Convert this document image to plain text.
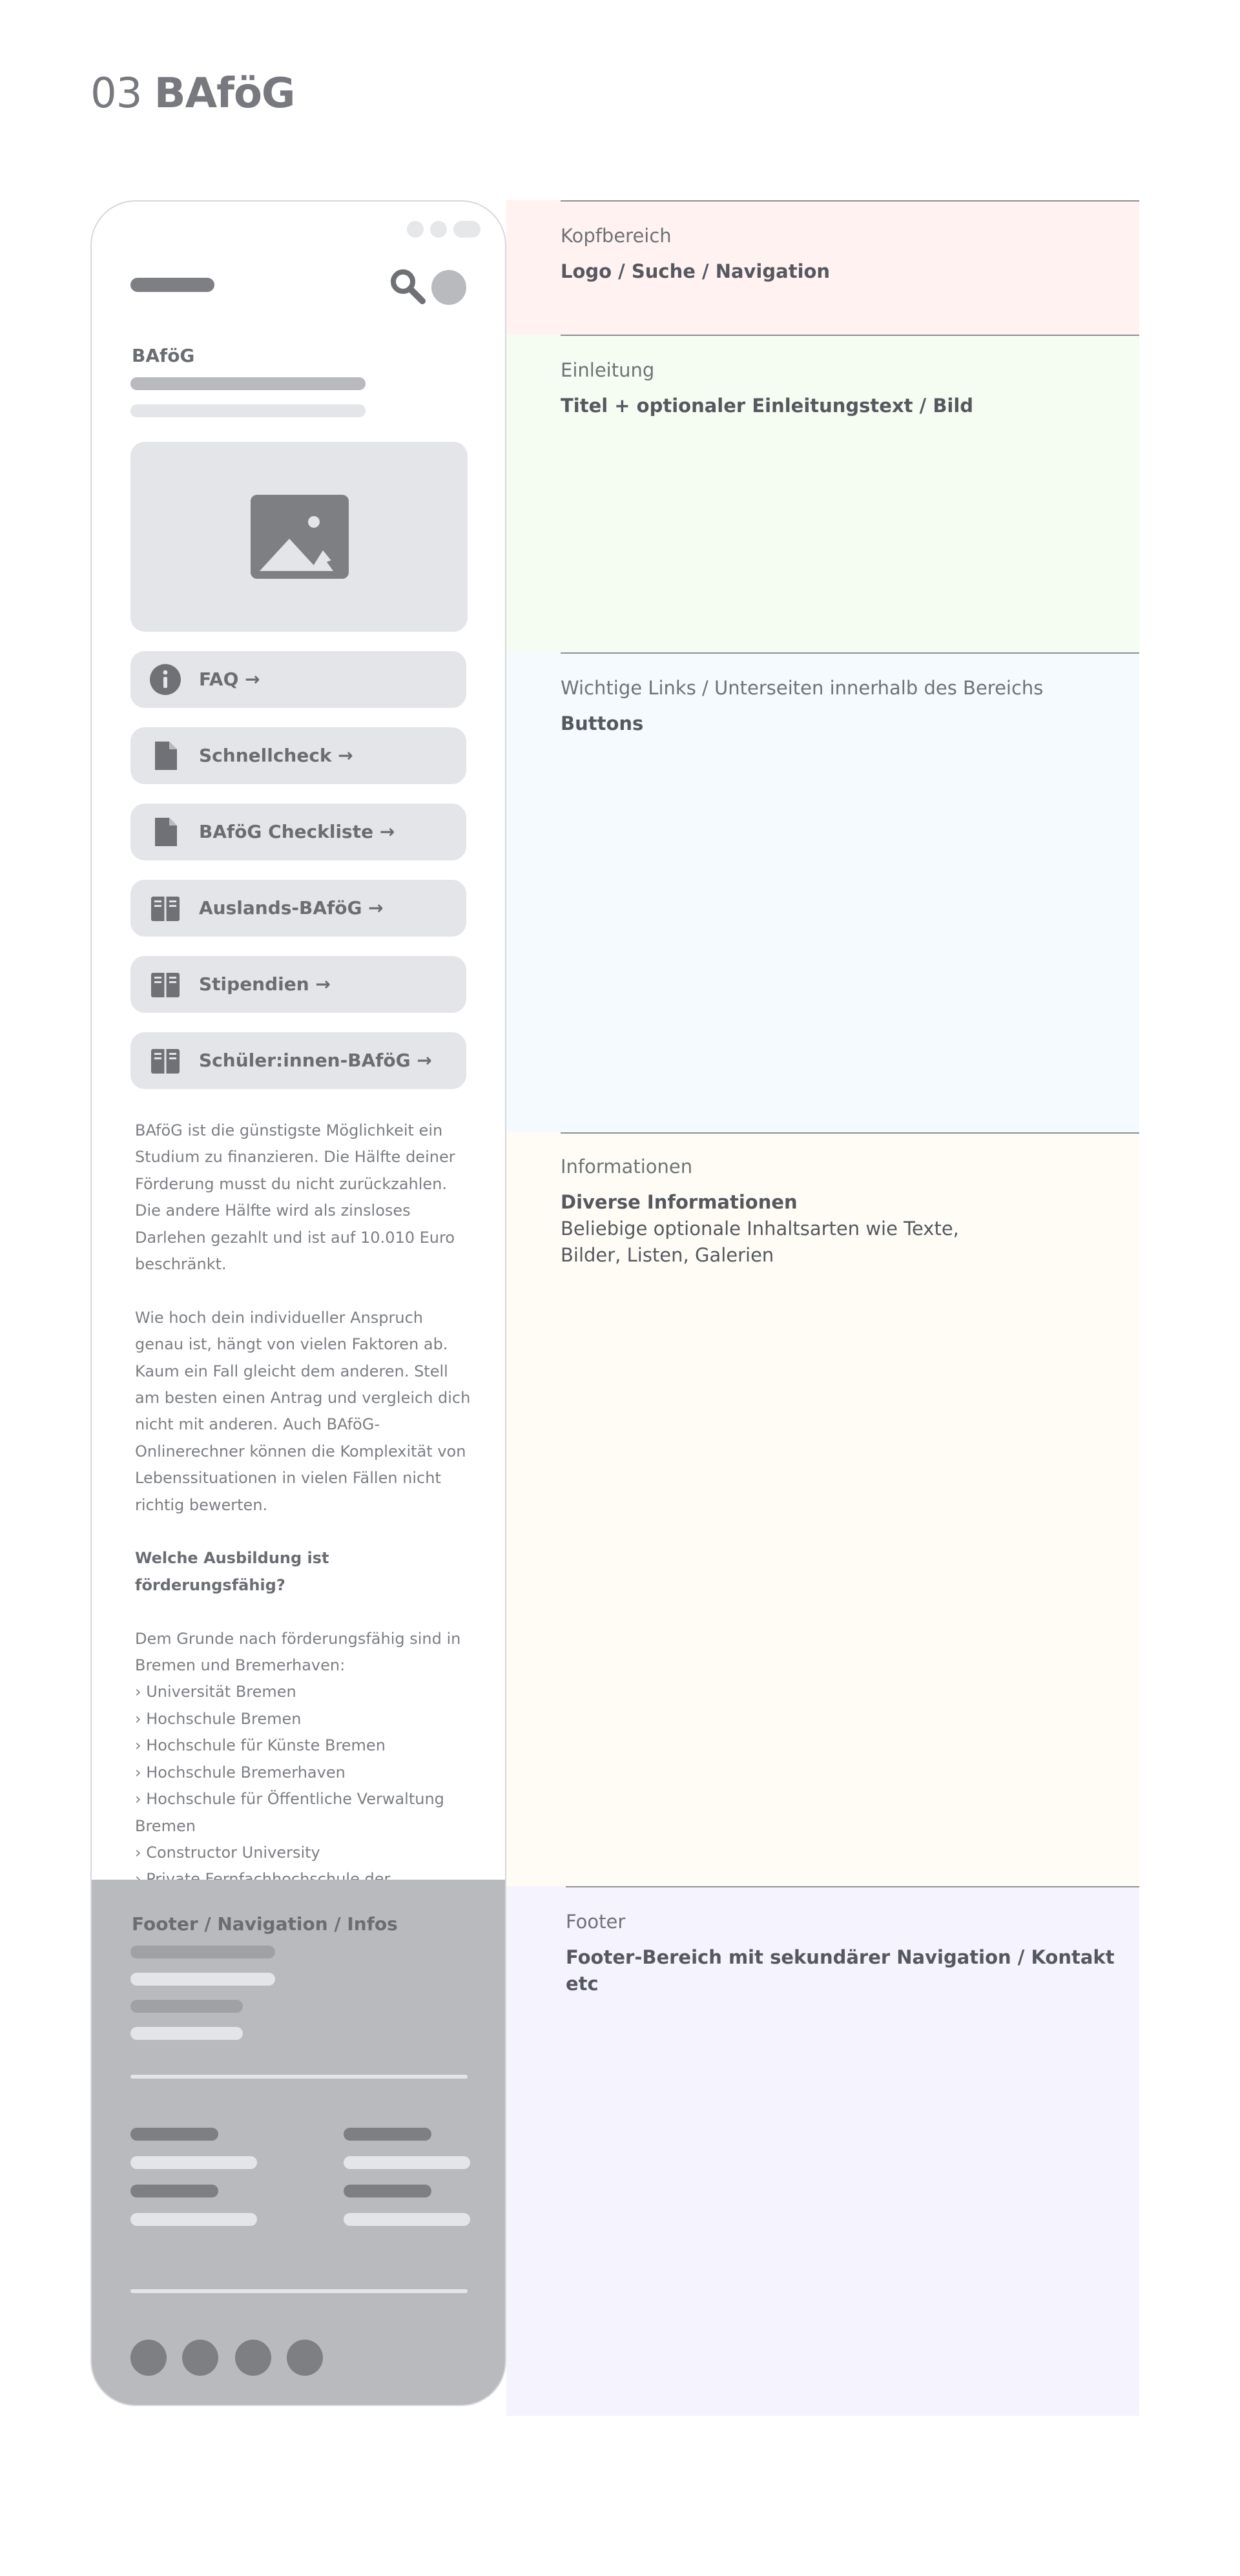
03 BAföG
Kopfbereich
Logo / Suche / Navigation
Einleitung
Titel + optionaler Einleitungstext / Bild
Wichtige Links / Unterseiten innerhalb des Bereichs
Buttons
Informationen
Diverse Informationen
Beliebige optionale Inhaltsarten wie Texte, Bilder, Listen, Galerien
Footer
Footer-Bereich mit sekundärer Navigation / Kontakt etc
BAföG
FAQ →
Schnellcheck →
BAföG Checkliste →
Auslands-BAföG →
Stipendien →
Schüler:innen-BAföG →

BAföG ist die günstigste Möglichkeit ein Studium zu finanzieren. Die Hälfte deiner Förderung musst du nicht zurückzahlen. Die andere Hälfte wird als zinsloses Darlehen gezahlt und ist auf 10.010 Euro beschränkt.

Wie hoch dein individueller Anspruch genau ist, hängt von vielen Faktoren ab. Kaum ein Fall gleicht dem anderen. Stell am besten einen Antrag und vergleich dich nicht mit anderen. Auch BAföG-Onlinerechner können die Komplexität von Lebenssituationen in vielen Fällen nicht richtig bewerten.

Welche Ausbildung ist förderungsfähig?

Dem Grunde nach förderungsfähig sind in Bremen und Bremerhaven:
› Universität Bremen
› Hochschule Bremen
› Hochschule für Künste Bremen
› Hochschule Bremerhaven
› Hochschule für Öffentliche Verwaltung Bremen
› Constructor University
Footer / Navigation / Infos
